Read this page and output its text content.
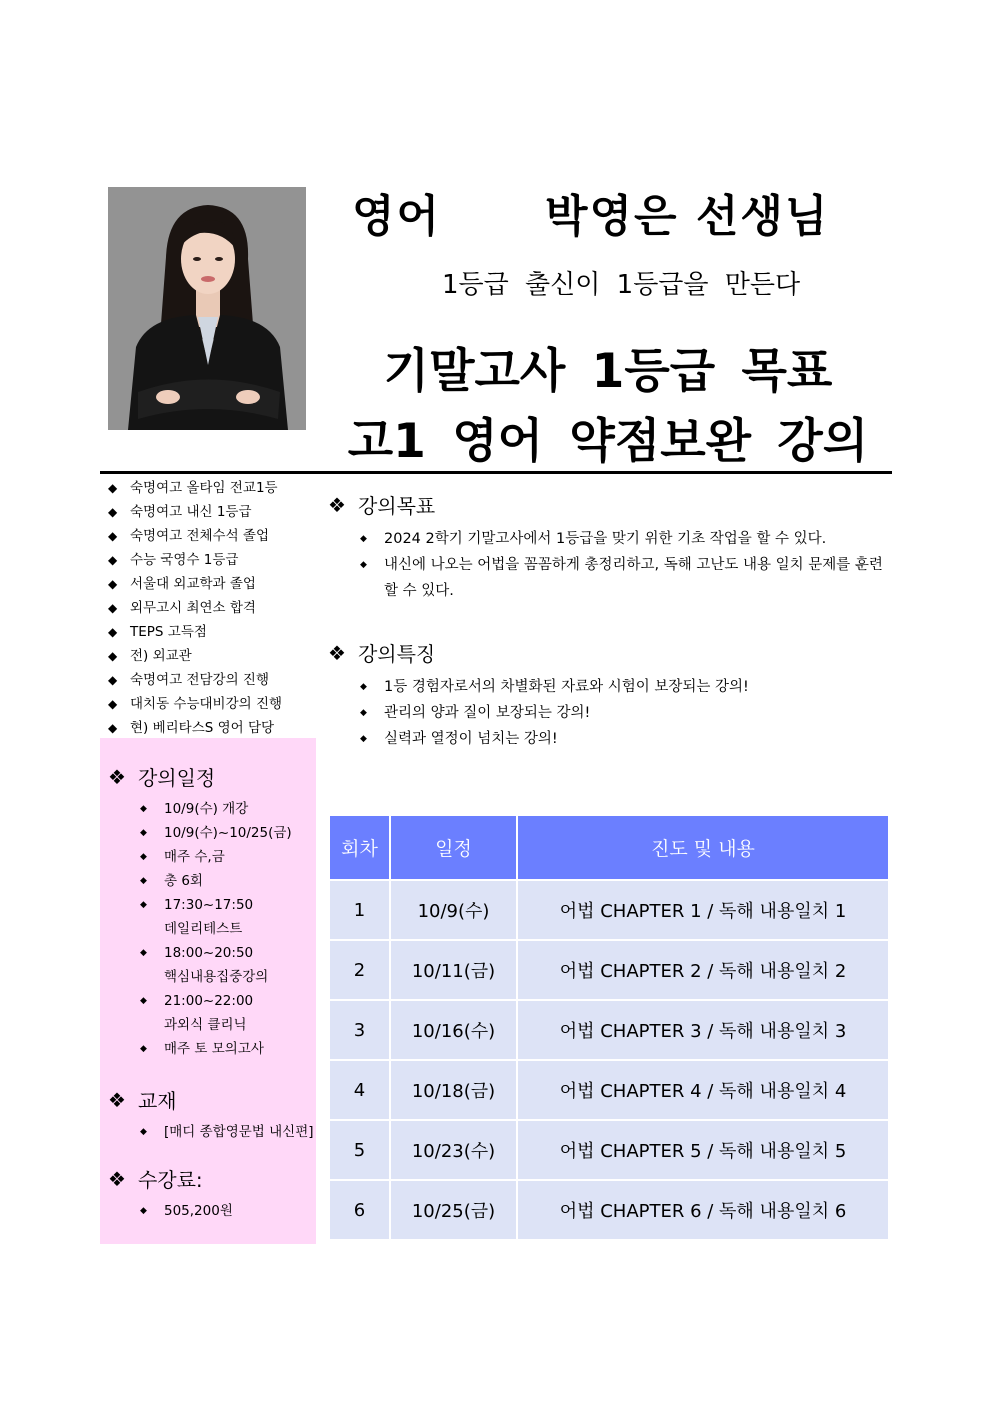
영어 박영은 선생님
1등급 출신이 1등급을 만든다
기말고사 1등급 목표
고1 영어 약점보완 강의
◆ 숙명여고 올타임 전교1등
◆ 숙명여고 내신 1등급
◆ 숙명여고 전체수석 졸업
◆ 수능 국영수 1등급
◆ 서울대 외교학과 졸업
◆ 외무고시 최연소 합격
◆ TEPS 고득점
◆ 전) 외교관
◆ 숙명여고 전담강의 진행
◆ 대치동 수능대비강의 진행
◆ 현) 베리타스S 영어 담당
❖ 강의일정
◆	10/9(수) 개강
◆	10/9(수)~10/25(금)
◆	매주 수,금
◆	총 6회
◆	17:30~17:50
데일리테스트
◆	18:00~20:50
핵심내용집중강의
◆	21:00~22:00
과외식 클리닉
◆	매주 토 모의고사
❖ 교재
◆	[매디 종합영문법 내신편]
❖ 수강료:
◆	505,200원
❖ 강의목표
◆	2024 2학기 기말고사에서 1등급을 맞기 위한 기초 작업을 할 수 있다.
◆	내신에 나오는 어법을 꼼꼼하게 총정리하고, 독해 고난도 내용 일치 문제를 훈련할 수 있다.
❖ 강의특징
◆	1등 경험자로서의 차별화된 자료와 시험이 보장되는 강의!
◆	관리의 양과 질이 보장되는 강의!
◆	실력과 열정이 넘치는 강의!
회차	일정	진도 및 내용
1	10/9(수)	어법 CHAPTER 1 / 독해 내용일치 1
2	10/11(금)	어법 CHAPTER 2 / 독해 내용일치 2
3	10/16(수)	어법 CHAPTER 3 / 독해 내용일치 3
4	10/18(금)	어법 CHAPTER 4 / 독해 내용일치 4
5	10/23(수)	어법 CHAPTER 5 / 독해 내용일치 5
6	10/25(금)	어법 CHAPTER 6 / 독해 내용일치 6
